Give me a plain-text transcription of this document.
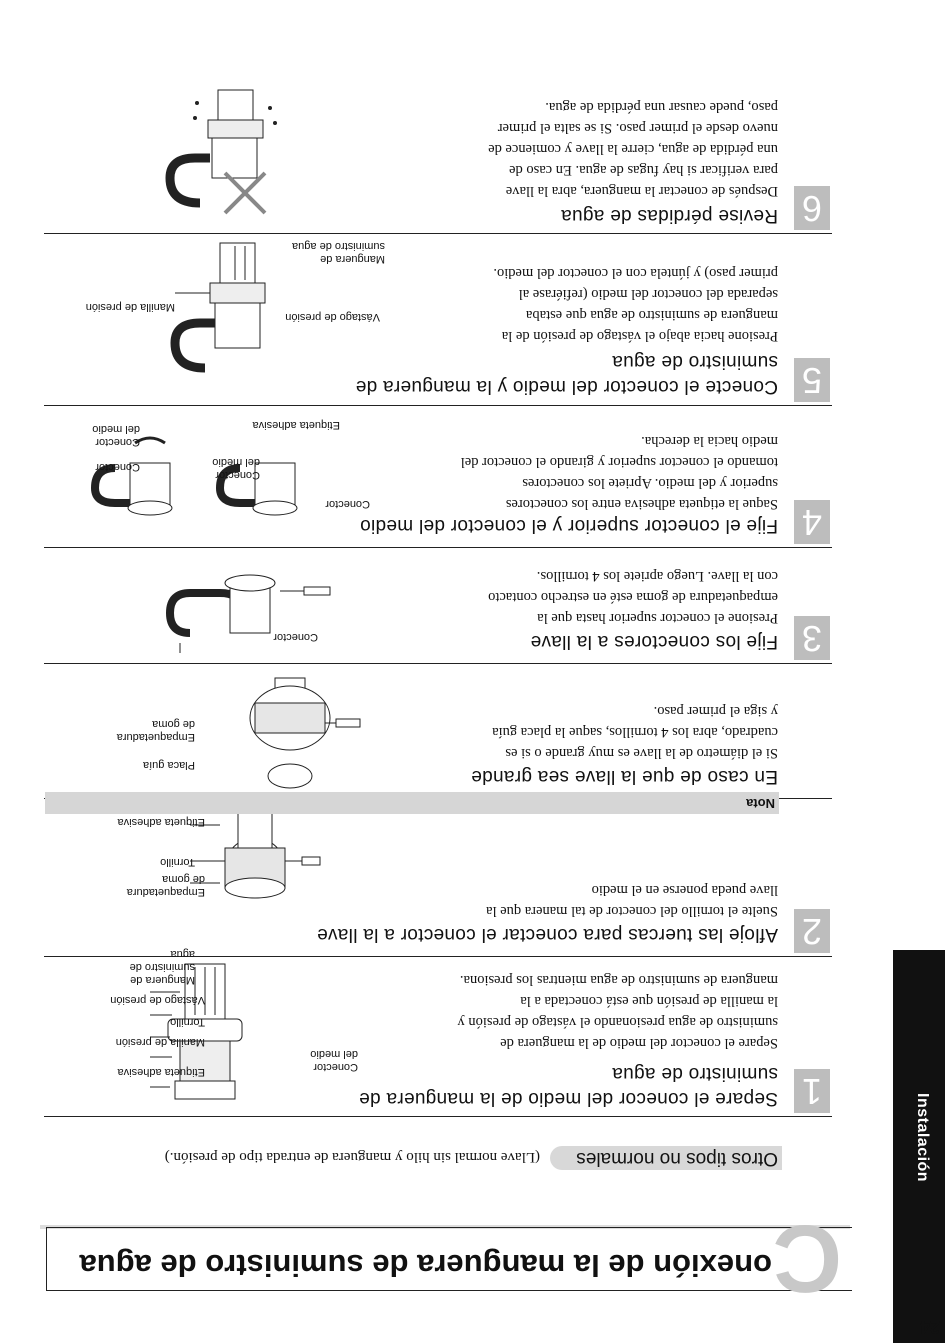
Instalación
24
C
onexión de la manguera de suministro de agua
Otros tipos no normales
(Llave normal sin hilo y manguera de entrada tipo de presión.)
1
Separe el conecor del medio de la manguera de
suministro de agua
Separe el conector del medio de la manguera de
suministro de agua presionando el vástago de presión y
la manilla de presión que está conectada a la
manguera de suministro de agua mientras los presiona.
Etiqueta adhesiva
Manilla de presión
Tornillo
Vástago de presión
Manguera de
suministro de agua
Conector
del medio
2
Afloje las tuercas para conectar el conector a la llave
Suelte el tornillo del conector de tal manera que la
llave pueda ponerse en el medio
Empaquetadura
de goma
Tornillo
Etiqueta adhesiva
Nota
En caso de que la llave sea grande
Si el diámetro de la llave es muy grande o si es
cuadrado, abra los 4 tornillos, saque la placa guía
y siga el primer paso.
Placa guía
Empaquetadura
de goma
3
Fije los conectores a la llave
Presione el conector superior hasta que la
empaquetadura de goma esté en estrecho contacto
con la llave. Luego apriete los 4 tornillos.
Conector
4
Fije el conector superior y el conector del medio
Saque la etiqueta adhesiva entre los conectores
superior y del medio. Apriete los conectores
tomando el conector superior y girando el conector del
medio hacia la derecha.
Etiqueta adhesiva
Conector
del medio
Conector
Conector
Conector
del medio
5
Conecte el conector del medio y la manguera de
suministro de agua
Presione hacia abajo el vástago de presión de la
manguera de suministro de agua que estaba
separada del conector del medio (refiérase al
primer paso) y júntela con el conector del medio.
Vástago de presión
Manilla de presión
Manguera de
suministro de agua
6
Revise pérdidas de agua
Después de conectar la manguera, abra la llave
para verificar si hay fugas de agua. En caso de
una pérdida de agua, cierre la llave y comience de
nuevo desde el primer paso. Si se salta el primer
paso, puede causar una pérdida de agua.
